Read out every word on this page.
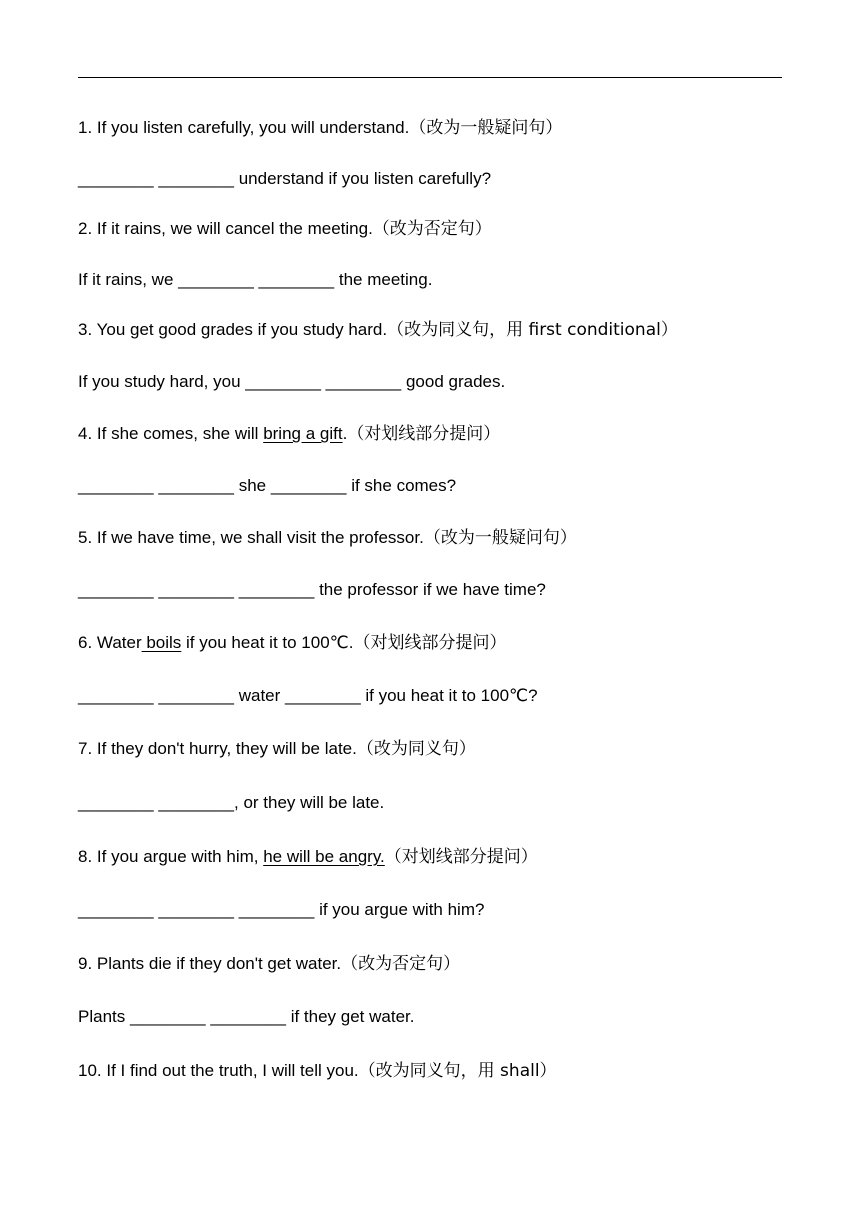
1. If you listen carefully, you will understand.（改为一般疑问句）
________ ________ understand if you listen carefully?
2. If it rains, we will cancel the meeting.（改为否定句）
If it rains, we ________ ________ the meeting.
3. You get good grades if you study hard.（改为同义句，用 first conditional）
If you study hard, you ________ ________ good grades.
4. If she comes, she will bring a gift.（对划线部分提问）
________ ________ she ________ if she comes?
5. If we have time, we shall visit the professor.（改为一般疑问句）
________ ________ ________ the professor if we have time?
6. Water boils if you heat it to 100℃.（对划线部分提问）
________ ________ water ________ if you heat it to 100℃?
7. If they don't hurry, they will be late.（改为同义句）
________ ________, or they will be late.
8. If you argue with him, he will be angry.（对划线部分提问）
________ ________ ________ if you argue with him?
9. Plants die if they don't get water.（改为否定句）
Plants ________ ________ if they get water.
10. If I find out the truth, I will tell you.（改为同义句，用 shall）
